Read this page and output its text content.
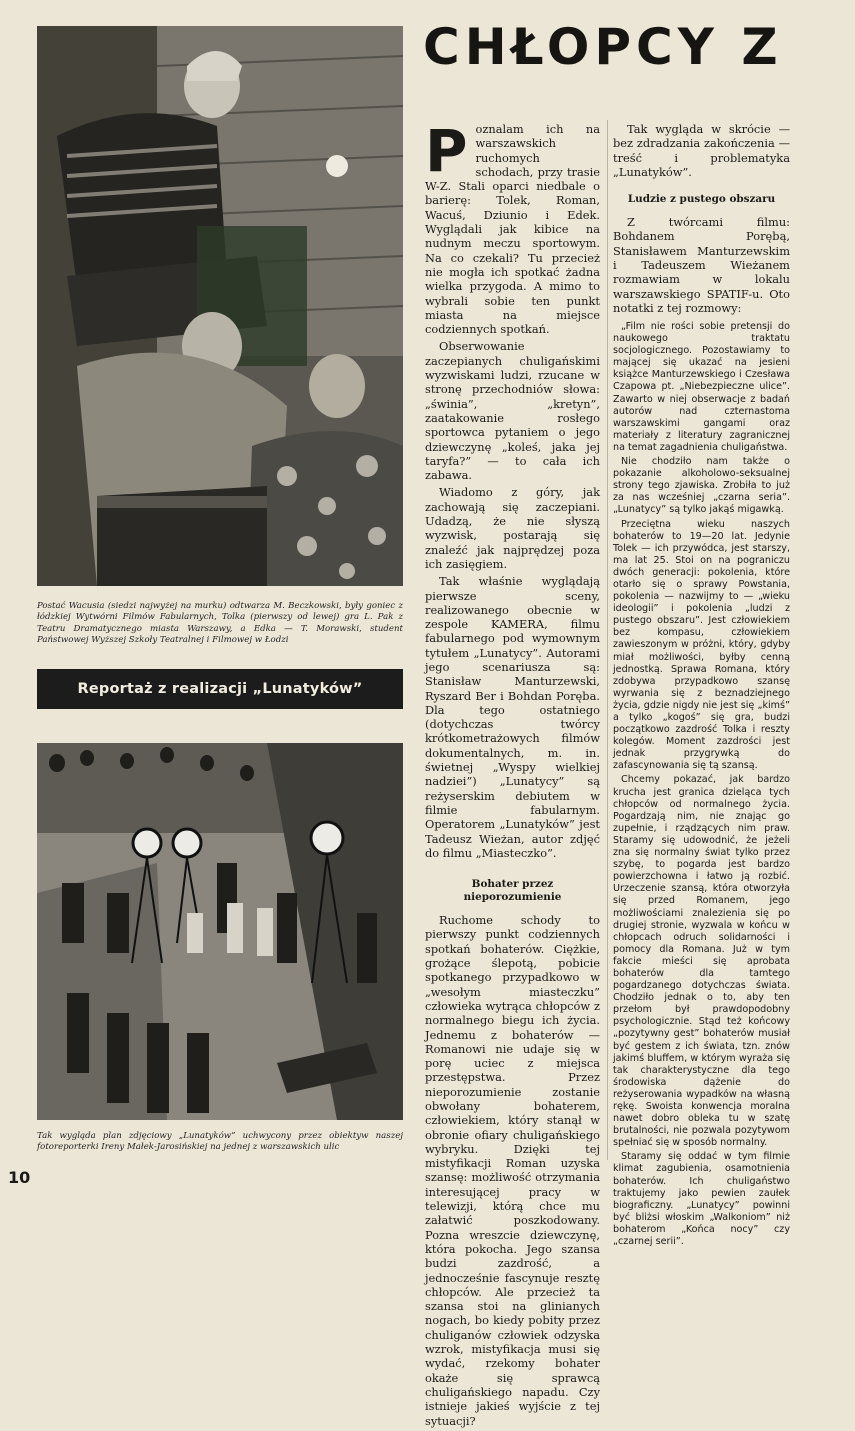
Postać Wacusia (siedzi najwyżej na murku) odtwarza M. Beczkowski, były goniec z łódzkiej Wytwórni Filmów Fabularnych, Tolka (pierwszy od lewej) gra L. Pak z Teatru Dramatycznego miasta Warszawy, a Edka — T. Morawski, student Państwowej Wyższej Szkoły Teatralnej i Filmowej w Łodzi
Reportaż z realizacji „Lunatyków”
Tak wygląda plan zdjęciowy „Lunatyków” uchwycony przez obiektyw naszej fotoreporterki Ireny Małek-Jarosińskiej na jednej z warszawskich ulic
10
CHŁOPCY Z

Poznalam ich na warszawskich ruchomych schodach, przy trasie W-Z. Stali oparci niedbale o barierę: Tolek, Roman, Wacuś, Dziunio i Edek. Wyglądali jak kibice na nudnym meczu sportowym. Na co czekali? Tu przecież nie mogła ich spotkać żadna wielka przygoda. A mimo to wybrali sobie ten punkt miasta na miejsce codziennych spotkań.

Obserwowanie zaczepianych chuligańskimi wyzwiskami ludzi, rzucane w stronę przechodniów słowa: „świnia”, „kretyn”, zaatakowanie rosłego sportowca pytaniem o jego dziewczynę „koleś, jaka jej taryfa?” — to cała ich zabawa.

Wiadomo z góry, jak zachowają się zaczepiani. Udadzą, że nie słyszą wyzwisk, postarają się znaleźć jak najprędzej poza ich zasięgiem.

Tak właśnie wyglądają pierwsze sceny, realizowanego obecnie w zespole KAMERA, filmu fabularnego pod wymownym tytułem „Lunatycy”. Autorami jego scenariusza są: Stanisław Manturzewski, Ryszard Ber i Bohdan Poręba. Dla tego ostatniego (dotychczas twórcy krótkometrażowych filmów dokumentalnych, m. in. świetnej „Wyspy wielkiej nadziei”) „Lunatycy” są reżyserskim debiutem w filmie fabularnym. Operatorem „Lunatyków” jest Tadeusz Wieżan, autor zdjęć do filmu „Miasteczko”.

Bohater przez nieporozumienie

Ruchome schody to pierwszy punkt codziennych spotkań bohaterów. Ciężkie, grożące ślepotą, pobicie spotkanego przypadkowo w „wesołym miasteczku” człowieka wytrąca chłopców z normalnego biegu ich życia. Jednemu z bohaterów — Romanowi nie udaje się w porę uciec z miejsca przestępstwa. Przez nieporozumienie zostanie obwołany bohaterem, człowiekiem, który stanął w obronie ofiary chuligańskiego wybryku. Dzięki tej mistyfikacji Roman uzyska szansę: możliwość otrzymania interesującej pracy w telewizji, którą chce mu załatwić poszkodowany. Pozna wreszcie dziewczynę, która pokocha. Jego szansa budzi zazdrość, a jednocześnie fascynuje resztę chłopców. Ale przecież ta szansa stoi na glinianych nogach, bo kiedy pobity przez chuliganów człowiek odzyska wzrok, mistyfikacja musi się wydać, rzekomy bohater okaże się sprawcą chuligańskiego napadu. Czy istnieje jakieś wyjście z tej sytuacji?

Tak wygląda w skrócie — bez zdradzania zakończenia — treść i problematyka „Lunatyków”.

Ludzie z pustego obszaru

Z twórcami filmu: Bohdanem Porębą, Stanisławem Manturzewskim i Tadeuszem Wieżanem rozmawiam w lokalu warszawskiego SPATIF-u. Oto notatki z tej rozmowy:

„Film nie rości sobie pretensji do naukowego traktatu socjologicznego. Pozostawiamy to mającej się ukazać na jesieni książce Manturzewskiego i Czesława Czapowa pt. „Niebezpieczne ulice”. Zawarto w niej obserwacje z badań autorów nad czternastoma warszawskimi gangami oraz materiały z literatury zagranicznej na temat zagadnienia chuligaństwa.

Nie chodziło nam także o pokazanie alkoholowo-seksualnej strony tego zjawiska. Zrobiła to już za nas wcześniej „czarna seria”. „Lunatycy” są tylko jakąś migawką.

Przeciętna wieku naszych bohaterów to 19—20 lat. Jedynie Tolek — ich przywódca, jest starszy, ma lat 25. Stoi on na pograniczu dwóch generacji: pokolenia, które otarło się o sprawy Powstania, pokolenia — nazwijmy to — „wieku ideologii” i pokolenia „ludzi z pustego obszaru”. Jest człowiekiem bez kompasu, człowiekiem zawieszonym w próżni, który, gdyby miał możliwości, byłby cenną jednostką. Sprawa Romana, który zdobywa przypadkowo szansę wyrwania się z beznadziejnego życia, gdzie nigdy nie jest się „kimś” a tylko „kogoś” się gra, budzi początkowo zazdrość Tolka i reszty kolegów. Moment zazdrości jest jednak przygrywką do zafascynowania się tą szansą.

Chcemy pokazać, jak bardzo krucha jest granica dzieląca tych chłopców od normalnego życia. Pogardzają nim, nie znając go zupełnie, i rządzących nim praw. Staramy się udowodnić, że jeżeli zna się normalny świat tylko przez szybę, to pogarda jest bardzo powierzchowna i łatwo ją rozbić. Urzeczenie szansą, która otworzyła się przed Romanem, jego możliwościami znalezienia się po drugiej stronie, wyzwala w końcu w chłopcach odruch solidarności i pomocy dla Romana. Już w tym fakcie mieści się aprobata bohaterów dla tamtego pogardzanego dotychczas świata. Chodziło jednak o to, aby ten przełom był prawdopodobny psychologicznie. Stąd też końcowy „pozytywny gest” bohaterów musiał być gestem z ich świata, tzn. znów jakimś bluffem, w którym wyraża się tak charakterystyczne dla tego środowiska dążenie do reżyserowania wypadków na własną rękę. Swoista konwencja moralna nawet dobro obleka tu w szatę brutalności, nie pozwala pozytywom spełniać się w sposób normalny.

Staramy się oddać w tym filmie klimat zagubienia, osamotnienia bohaterów. Ich chuligaństwo traktujemy jako pewien zaułek biograficzny. „Lunatycy” powinni być bliżsi włoskim „Walkoniom” niż bohaterom „Końca nocy” czy „czarnej serii”.
